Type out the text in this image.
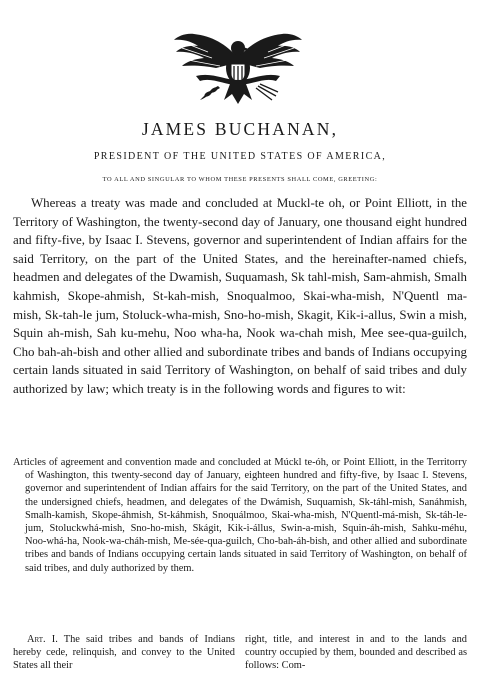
JAMES BUCHANAN,
PRESIDENT OF THE UNITED STATES OF AMERICA,
TO ALL AND SINGULAR TO WHOM THESE PRESENTS SHALL COME, GREETING:

Whereas a treaty was made and concluded at Muckl-te oh, or Point Elliott, in the Territory of Washington, the twenty-second day of January, one thousand eight hundred and fifty-five, by Isaac I. Stevens, governor and superintendent of Indian affairs for the said Territory, on the part of the United States, and the hereinafter-named chiefs, headmen and delegates of the Dwamish, Suquamash, Sk tahl-mish, Sam-ahmish, Smalh kahmish, Skope-ahmish, St-kah-mish, Snoqualmoo, Skai-wha-mish, N'Quentl ma-mish, Sk-tah-le jum, Stoluck-wha-mish, Sno-ho-mish, Skagit, Kik-i-allus, Swin a mish, Squin ah-mish, Sah ku-mehu, Noo wha-ha, Nook wa-chah mish, Mee see-qua-guilch, Cho bah-ah-bish and other allied and subordinate tribes and bands of Indians occupying certain lands situated in said Territory of Washington, on behalf of said tribes and duly authorized by law; which treaty is in the following words and figures to wit:

Articles of agreement and convention made and concluded at Múckl te-óh, or Point Elliott, in the Territorry of Washington, this twenty-second day of January, eighteen hundred and fifty-five, by Isaac I. Stevens, governor and superintendent of Indian affairs for the said Territory, on the part of the United States, and the undersigned chiefs, headmen, and delegates of the Dwámish, Suquamish, Sk-táhl-mish, Sanáhmish, Smalh-kamish, Skope-áhmish, St-káhmish, Snoquálmoo, Skai-wha-mish, N'Quentl-má-mish, Sk-táh-le-jum, Stoluckwhá-mish, Sno-ho-mish, Skágit, Kik-i-állus, Swin-a-mish, Squin-áh-mish, Sahku-méhu, Noo-whá-ha, Nook-wa-cháh-mish, Me-sée-qua-guilch, Cho-bah-áh-bish, and other allied and subordinate tribes and bands of Indians occupying certain lands situated in said Territory of Washington, on behalf of said tribes, and duly authorized by them.

Art. I. The said tribes and bands of Indians hereby cede, relinquish, and convey to the United States all their

right, title, and interest in and to the lands and country occupied by them, bounded and described as follows: Com-
